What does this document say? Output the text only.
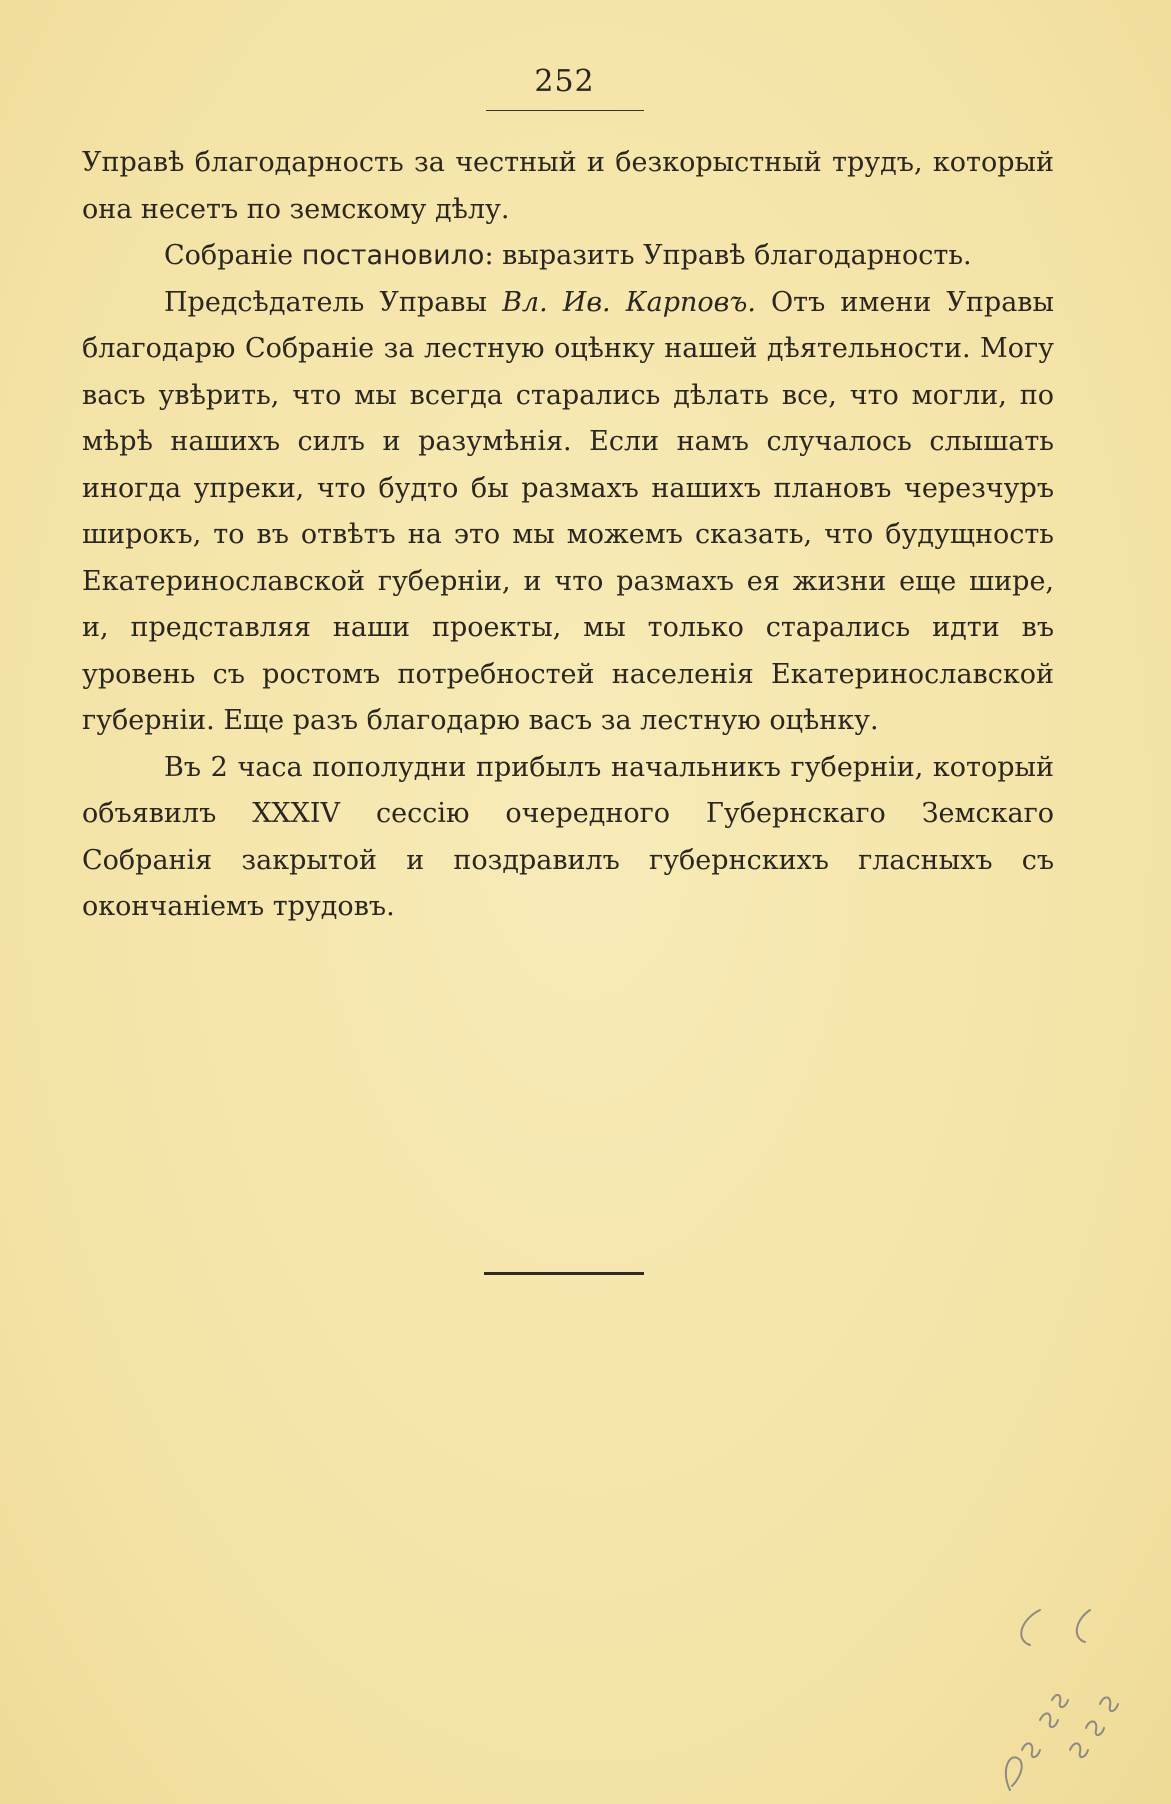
252

Управѣ благодарность за честный и безкорыстный трудъ, который она несетъ по земскому дѣлу.

Собраніе постановило: выразить Управѣ благодарность.

Предсѣдатель Управы Вл. Ив. Карповъ. Отъ имени Управы благодарю Собраніе за лестную оцѣнку нашей дѣятельности. Могу васъ увѣрить, что мы всегда старались дѣлать все, что могли, по мѣрѣ нашихъ силъ и разумѣнія. Если намъ случалось слышать иногда упреки, что будто бы размахъ нашихъ плановъ черезчуръ широкъ, то въ отвѣтъ на это мы можемъ сказать, что будущность Екатеринославской губерніи, и что размахъ ея жизни еще шире, и, представляя наши проекты, мы только старались идти въ уровень съ ростомъ потребностей населенія Екатеринославской губерніи. Еще разъ благодарю васъ за лестную оцѣнку.

Въ 2 часа пополудни прибылъ начальникъ губерніи, который объявилъ XXXIV сессію очередного Губернскаго Земскаго Собранія закрытой и поздравилъ губернскихъ гласныхъ съ окончаніемъ трудовъ.
